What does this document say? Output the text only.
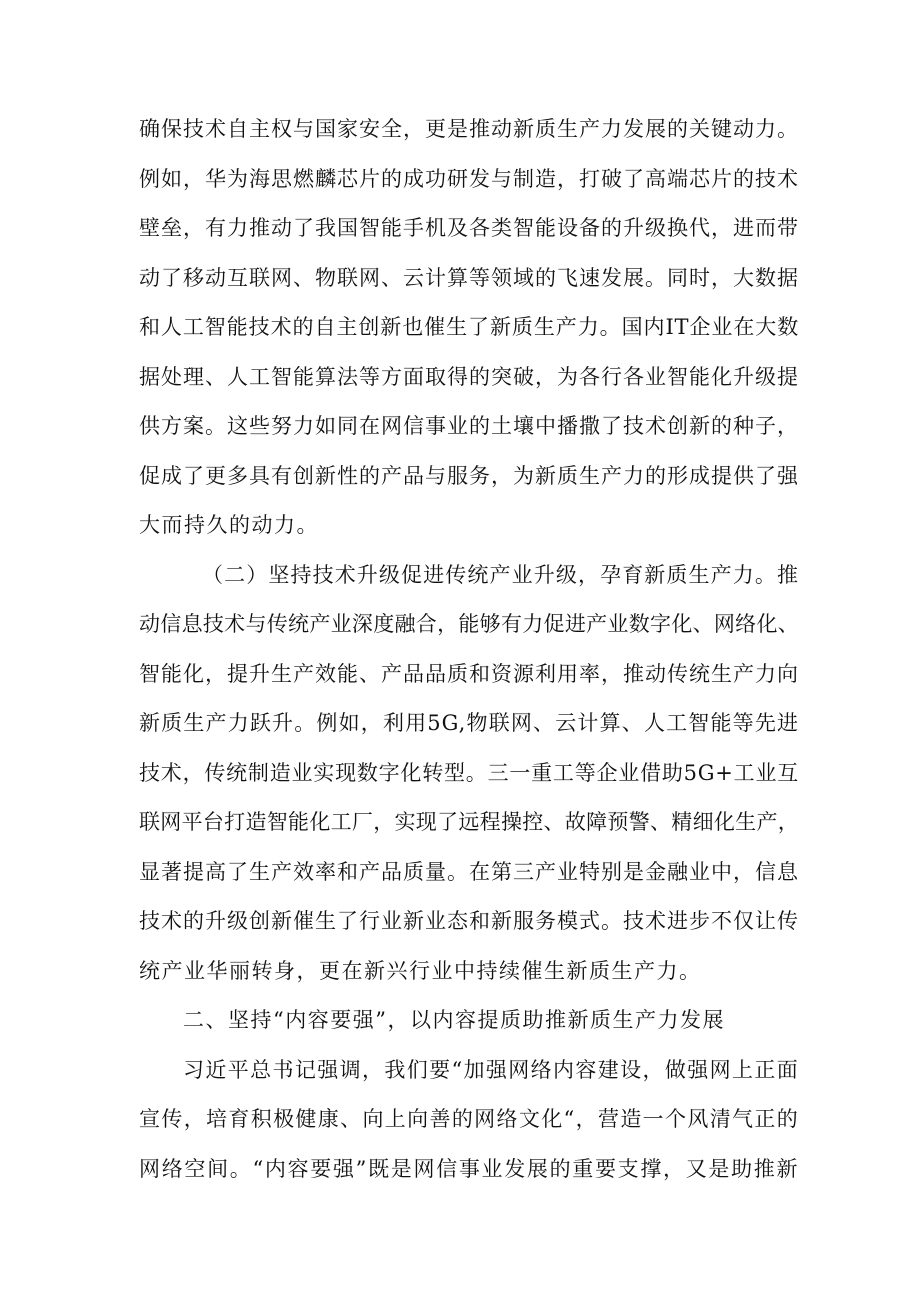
确保技术自主权与国家安全，更是推动新质生产力发展的关键动力。
例如，华为海思燃麟芯片的成功研发与制造，打破了高端芯片的技术
壁垒，有力推动了我国智能手机及各类智能设备的升级换代，进而带
动了移动互联网、物联网、云计算等领域的飞速发展。同时，大数据
和人工智能技术的自主创新也催生了新质生产力。国内IT企业在大数
据处理、人工智能算法等方面取得的突破，为各行各业智能化升级提
供方案。这些努力如同在网信事业的土壤中播撒了技术创新的种子，
促成了更多具有创新性的产品与服务，为新质生产力的形成提供了强
大而持久的动力。
（二）坚持技术升级促进传统产业升级，孕育新质生产力。推
动信息技术与传统产业深度融合，能够有力促进产业数字化、网络化、
智能化，提升生产效能、产品品质和资源利用率，推动传统生产力向
新质生产力跃升。例如，利用5G,物联网、云计算、人工智能等先进
技术，传统制造业实现数字化转型。三一重工等企业借助5G+工业互
联网平台打造智能化工厂，实现了远程操控、故障预警、精细化生产，
显著提高了生产效率和产品质量。在第三产业特别是金融业中，信息
技术的升级创新催生了行业新业态和新服务模式。技术进步不仅让传
统产业华丽转身，更在新兴行业中持续催生新质生产力。
二、坚持“内容要强”，以内容提质助推新质生产力发展
习近平总书记强调，我们要“加强网络内容建设，做强网上正面
宣传，培育积极健康、向上向善的网络文化“，营造一个风清气正的
网络空间。“内容要强”既是网信事业发展的重要支撑，又是助推新
